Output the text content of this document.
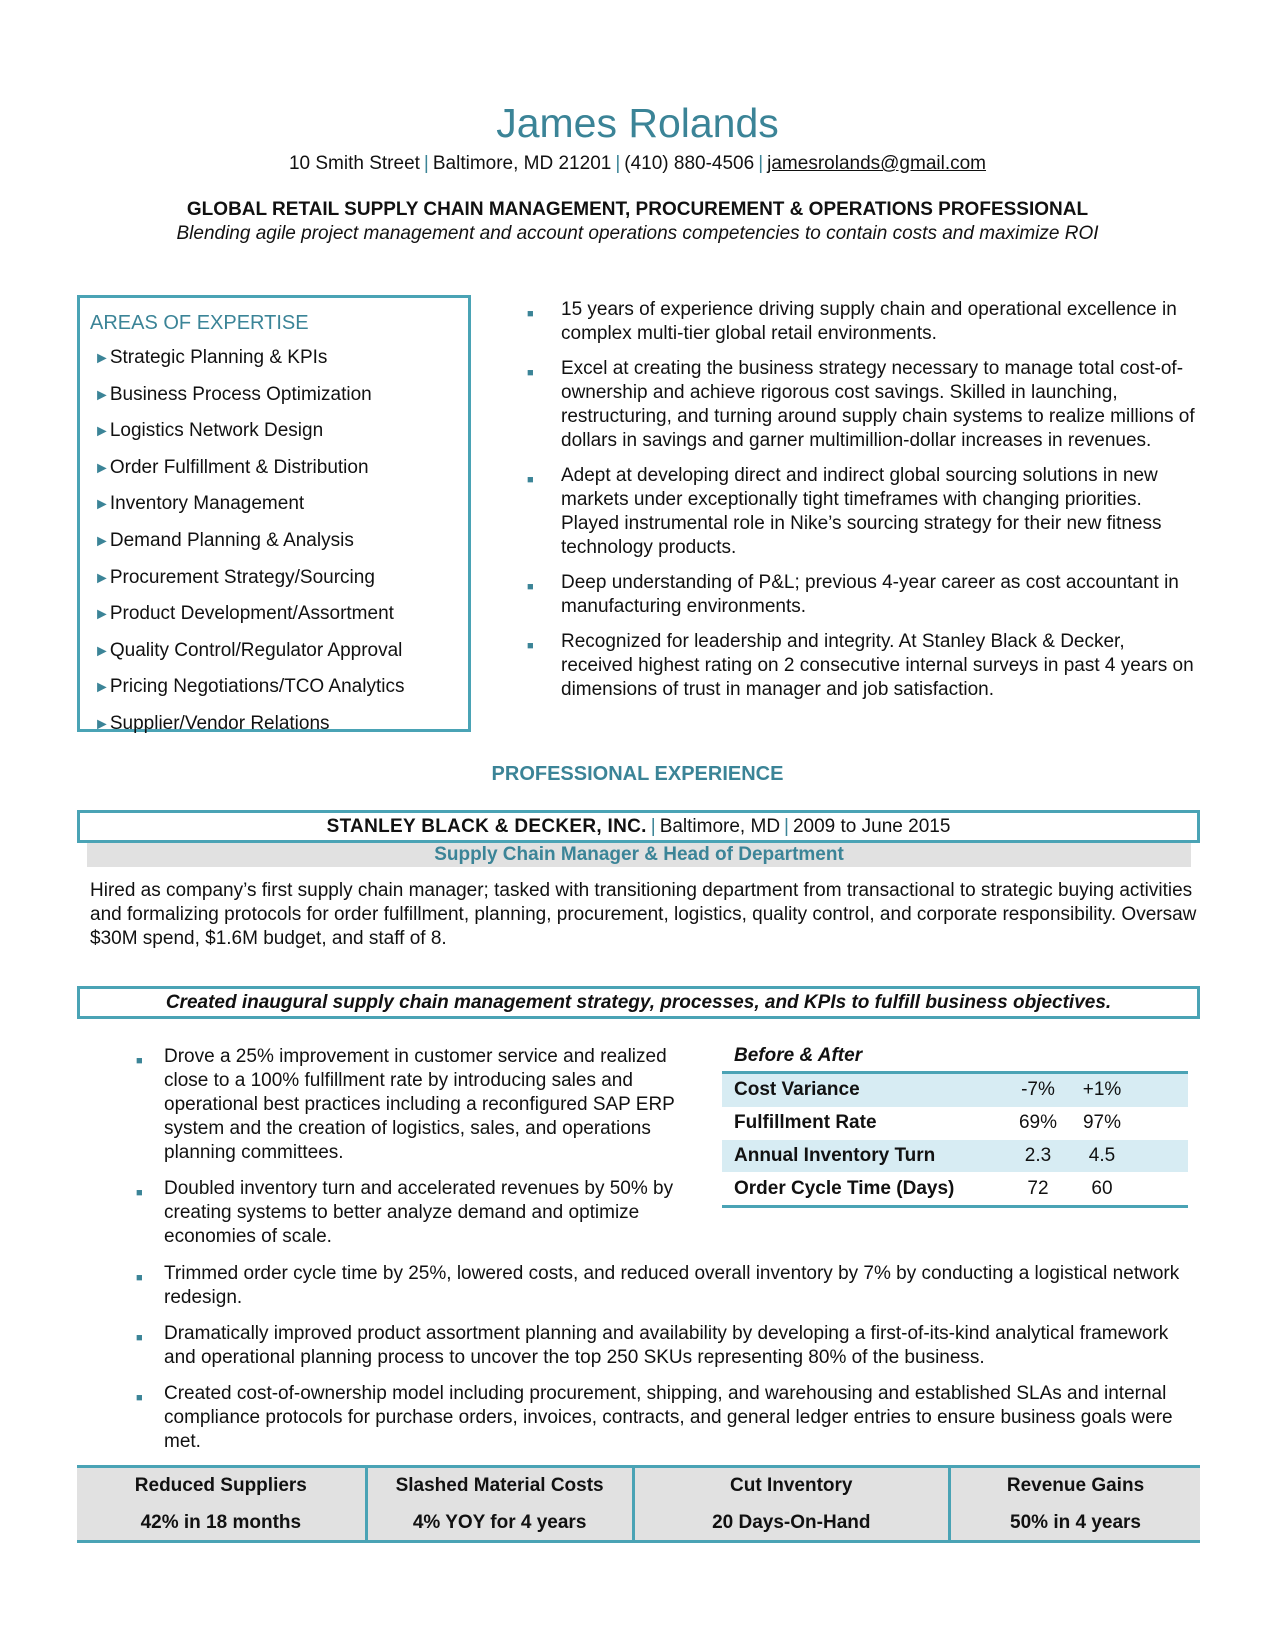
James Rolands
10 Smith Street | Baltimore, MD 21201 | (410) 880-4506 | jamesrolands@gmail.com
GLOBAL RETAIL SUPPLY CHAIN MANAGEMENT, PROCUREMENT & OPERATIONS PROFESSIONAL
Blending agile project management and account operations competencies to contain costs and maximize ROI
AREAS OF EXPERTISE
►Strategic Planning & KPIs
►Business Process Optimization
►Logistics Network Design
►Order Fulfillment & Distribution
►Inventory Management
►Demand Planning & Analysis
►Procurement Strategy/Sourcing
►Product Development/Assortment
►Quality Control/Regulator Approval
►Pricing Negotiations/TCO Analytics
►Supplier/Vendor Relations
■ 15 years of experience driving supply chain and operational excellence in complex multi-tier global retail environments.
■ Excel at creating the business strategy necessary to manage total cost-of-ownership and achieve rigorous cost savings. Skilled in launching, restructuring, and turning around supply chain systems to realize millions of dollars in savings and garner multimillion-dollar increases in revenues.
■ Adept at developing direct and indirect global sourcing solutions in new markets under exceptionally tight timeframes with changing priorities. Played instrumental role in Nike’s sourcing strategy for their new fitness technology products.
■ Deep understanding of P&L; previous 4-year career as cost accountant in manufacturing environments.
■ Recognized for leadership and integrity. At Stanley Black & Decker, received highest rating on 2 consecutive internal surveys in past 4 years on dimensions of trust in manager and job satisfaction.
PROFESSIONAL EXPERIENCE
STANLEY BLACK & DECKER, INC. | Baltimore, MD | 2009 to June 2015
Supply Chain Manager & Head of Department
Hired as company’s first supply chain manager; tasked with transitioning department from transactional to strategic buying activities and formalizing protocols for order fulfillment, planning, procurement, logistics, quality control, and corporate responsibility. Oversaw $30M spend, $1.6M budget, and staff of 8.
Created inaugural supply chain management strategy, processes, and KPIs to fulfill business objectives.
■ Drove a 25% improvement in customer service and realized close to a 100% fulfillment rate by introducing sales and operational best practices including a reconfigured SAP ERP system and the creation of logistics, sales, and operations planning committees.
■ Doubled inventory turn and accelerated revenues by 50% by creating systems to better analyze demand and optimize economies of scale.
Before & After
Cost Variance	-7%	+1%	
Fulfillment Rate	69%	97%	
Annual Inventory Turn	2.3	4.5	
Order Cycle Time (Days)	72	60	
■ Trimmed order cycle time by 25%, lowered costs, and reduced overall inventory by 7% by conducting a logistical network redesign.
■ Dramatically improved product assortment planning and availability by developing a first-of-its-kind analytical framework and operational planning process to uncover the top 250 SKUs representing 80% of the business.
■ Created cost-of-ownership model including procurement, shipping, and warehousing and established SLAs and internal compliance protocols for purchase orders, invoices, contracts, and general ledger entries to ensure business goals were met.
Reduced Suppliers
42% in 18 months
Slashed Material Costs
4% YOY for 4 years
Cut Inventory
20 Days-On-Hand
Revenue Gains
50% in 4 years
